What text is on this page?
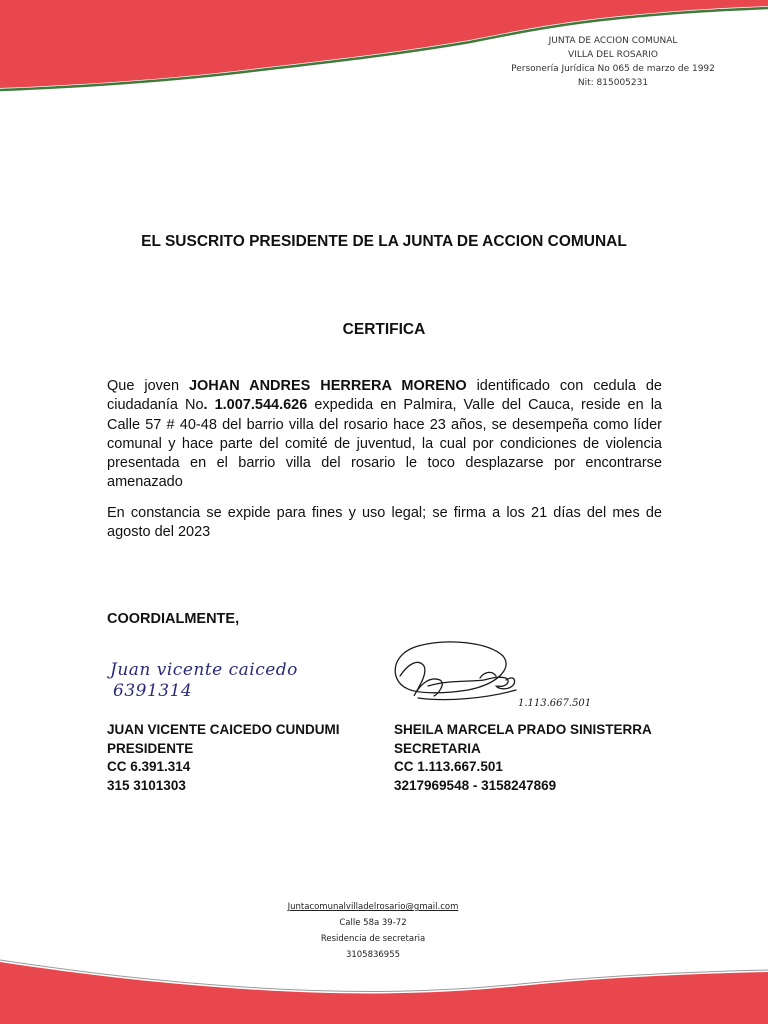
JUNTA DE ACCION COMUNAL
VILLA DEL ROSARIO
Personería Jurídica No 065 de marzo de 1992
Nit: 815005231
EL SUSCRITO PRESIDENTE DE LA JUNTA DE ACCION COMUNAL
CERTIFICA
Que joven JOHAN ANDRES HERRERA MORENO identificado con cedula de ciudadanía No. 1.007.544.626 expedida en Palmira, Valle del Cauca, reside en la Calle 57 # 40-48 del barrio villa del rosario hace 23 años, se desempeña como líder comunal y hace parte del comité de juventud, la cual por condiciones de violencia presentada en el barrio villa del rosario le toco desplazarse por encontrarse amenazado
En constancia se expide para fines y uso legal; se firma a los 21 días del mes de agosto del 2023
COORDIALMENTE,
Juan vicente caicedo
6391314
1.113.667.501
JUAN VICENTE CAICEDO CUNDUMI
PRESIDENTE
CC 6.391.314
315 3101303
SHEILA MARCELA PRADO SINISTERRA
SECRETARIA
CC 1.113.667.501
3217969548 - 3158247869
Juntacomunalvilladelrosario@gmail.com
Calle 58a 39-72
Residencia de secretaria
3105836955
